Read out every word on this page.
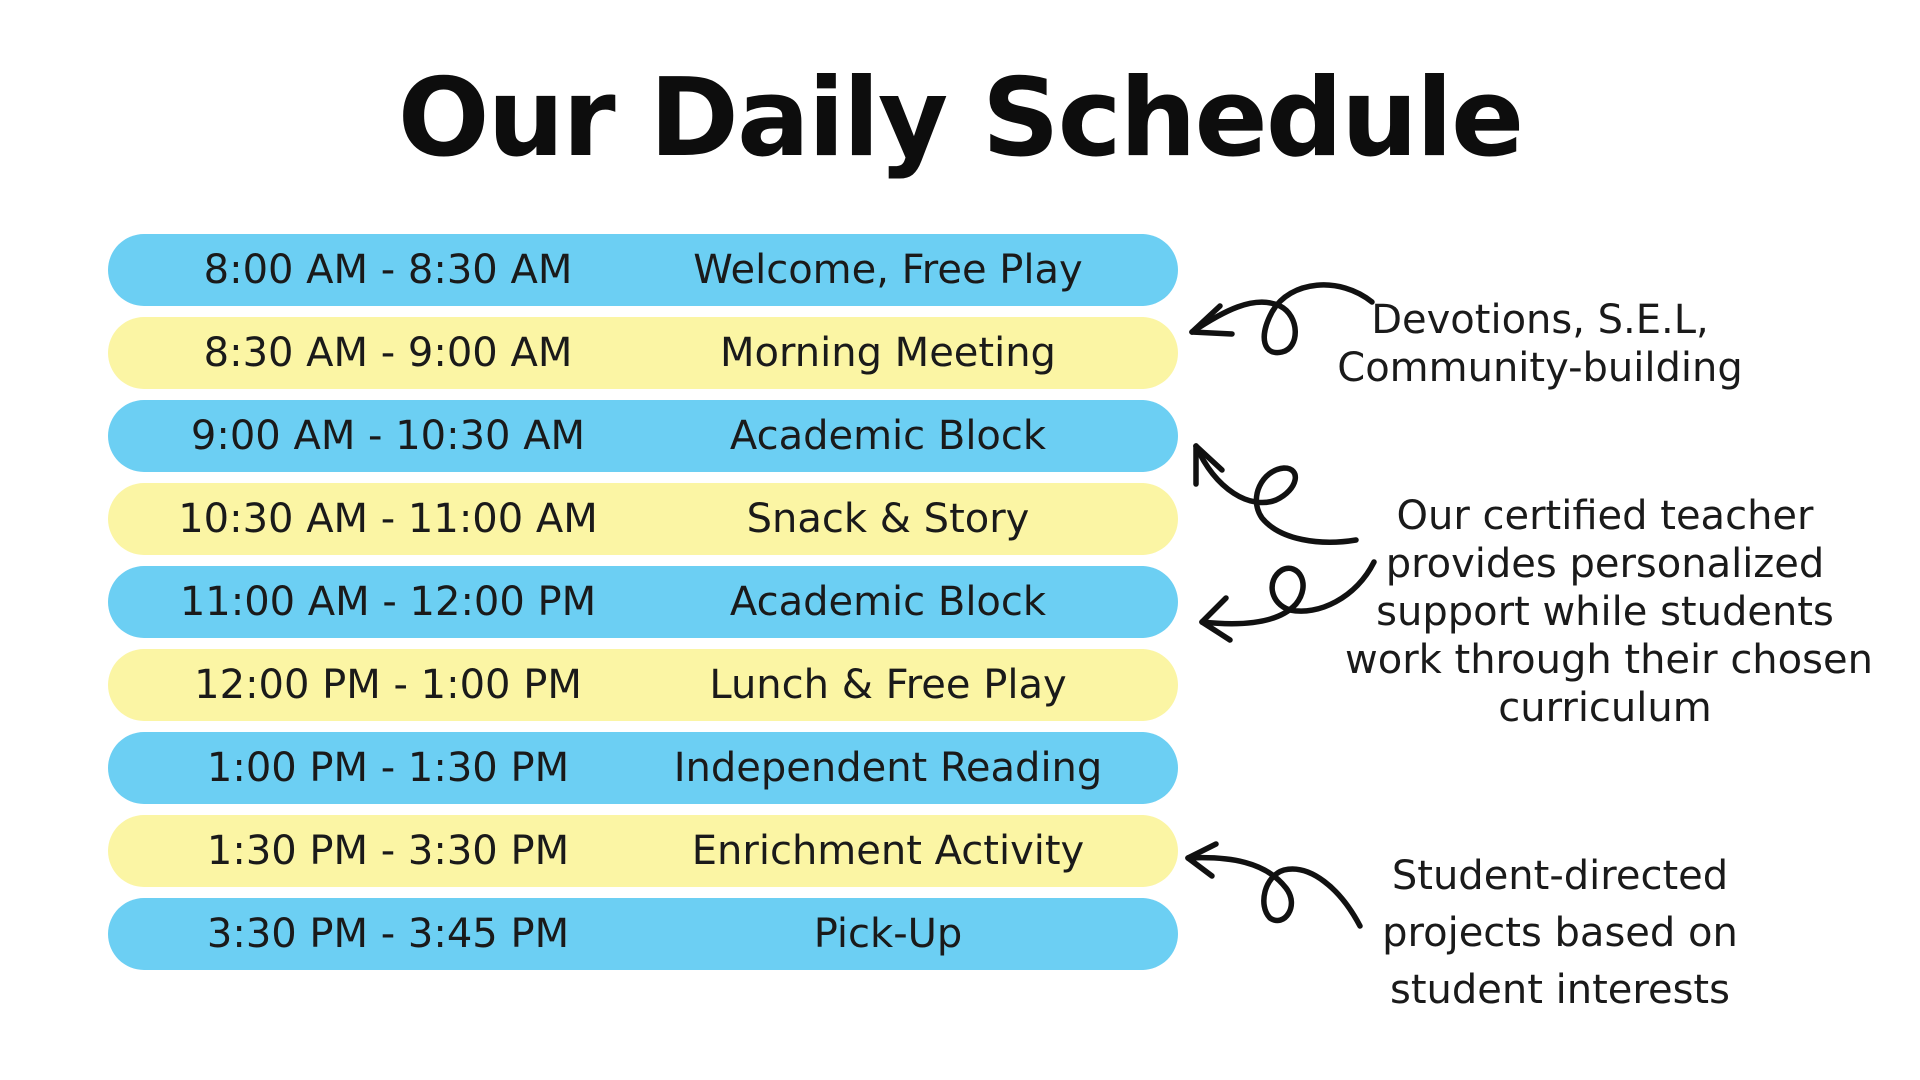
Our Daily Schedule
8:00 AM - 8:30 AM	Welcome, Free Play
8:30 AM - 9:00 AM	Morning Meeting
9:00 AM - 10:30 AM	Academic Block
10:30 AM - 11:00 AM	Snack & Story
11:00 AM - 12:00 PM	Academic Block
12:00 PM - 1:00 PM	Lunch & Free Play
1:00 PM - 1:30 PM	Independent Reading
1:30 PM - 3:30 PM	Enrichment Activity
3:30 PM - 3:45 PM	Pick-Up

Devotions, S.E.L,

Community-building

Our certified teacher

provides personalized

support while students

work through their chosen

curriculum

Student-directed

projects based on

student interests
